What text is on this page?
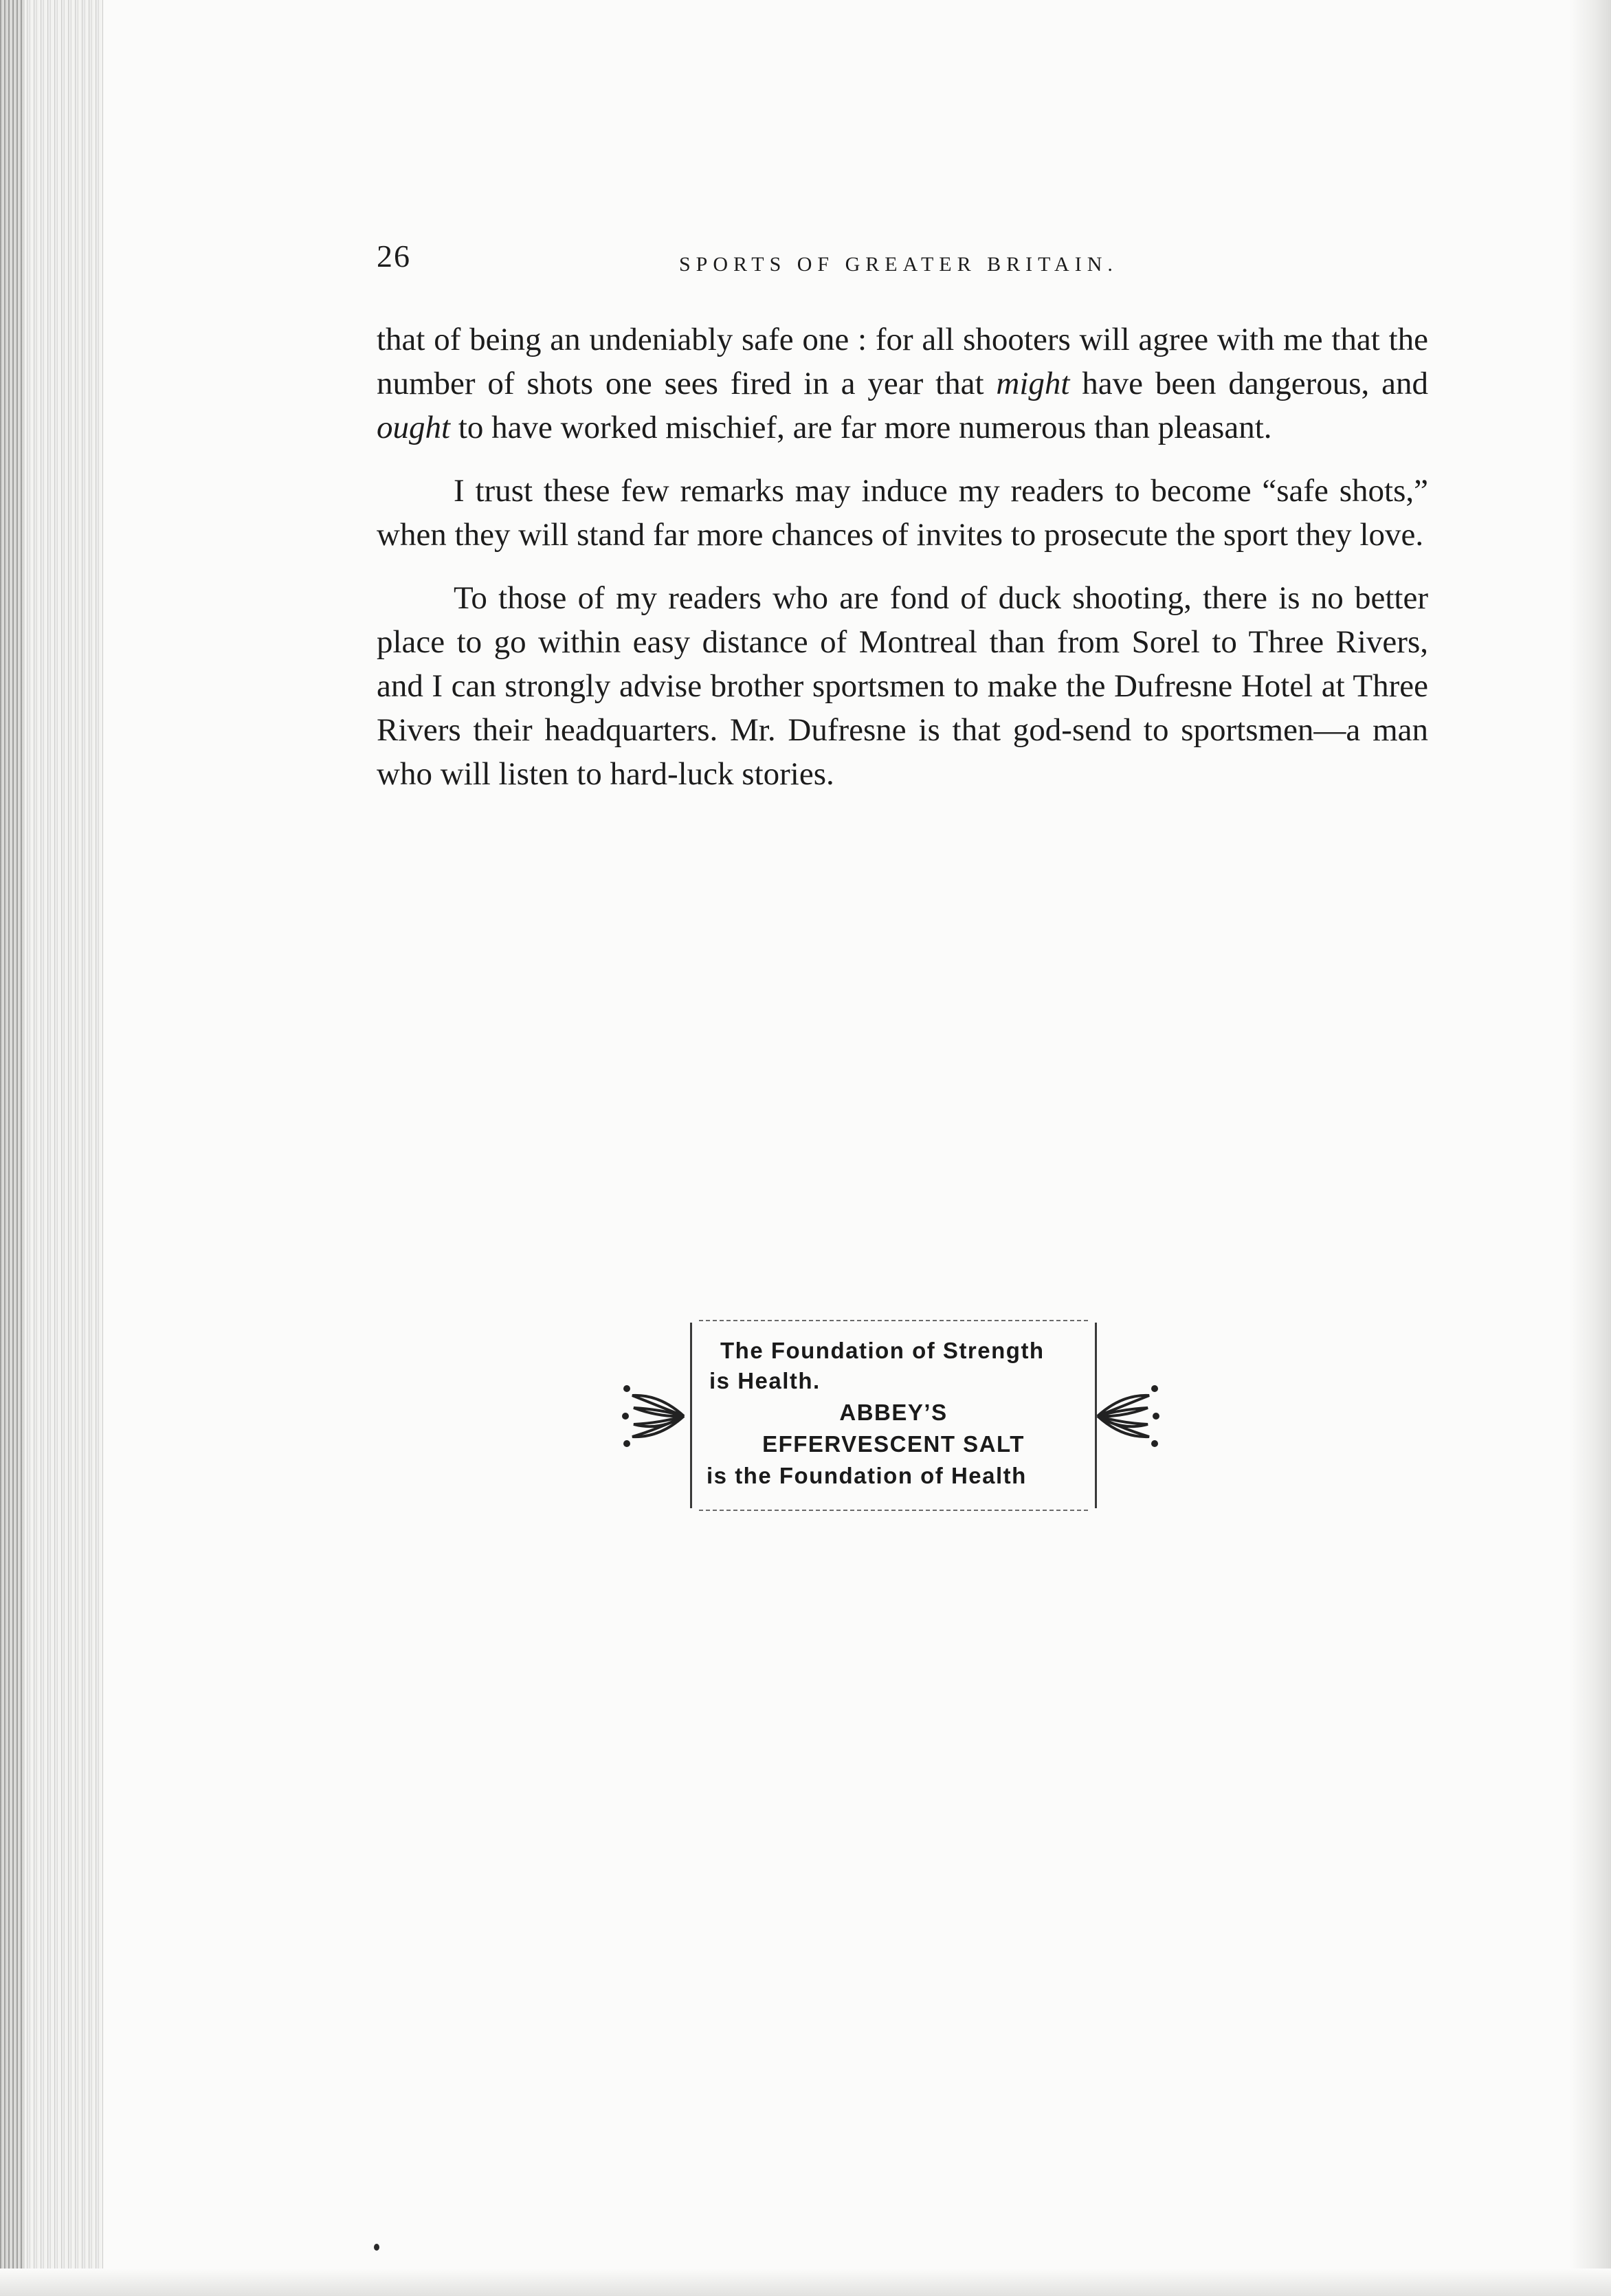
26	SPORTS OF GREATER BRITAIN.

that of being an undeniably safe one : for all shooters will agree with me that the number of shots one sees fired in a year that might have been dangerous, and ought to have worked mischief, are far more numerous than pleasant.

I trust these few remarks may induce my readers to become “safe shots,” when they will stand far more chances of invites to prosecute the sport they love.

To those of my readers who are fond of duck shooting, there is no better place to go within easy distance of Montreal than from Sorel to Three Rivers, and I can strongly advise brother sportsmen to make the Dufresne Hotel at Three Rivers their headquarters. Mr. Dufresne is that god-send to sportsmen—a man who will listen to hard-luck stories.

The Foundation of Strength
is Health.
ABBEY’S
EFFERVESCENT SALT
is the Foundation of Health
